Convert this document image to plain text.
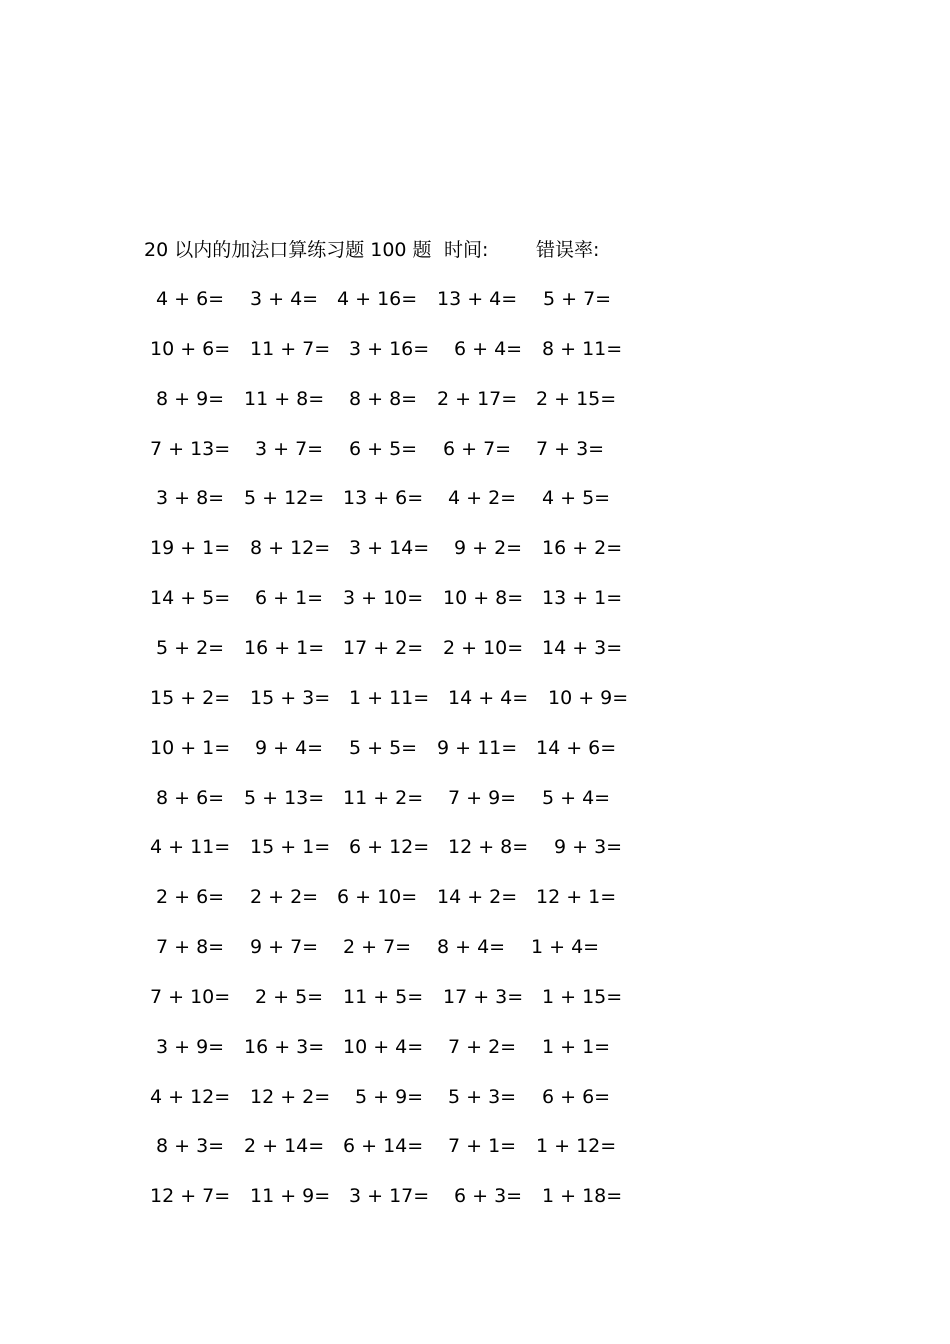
20 以内的加法口算练习题 100 题 时间:	错误率:
4 + 6= 3 + 4= 4 + 16= 13 + 4= 5 + 7=
10 + 6= 11 + 7= 3 + 16= 6 + 4= 8 + 11=
8 + 9= 11 + 8= 8 + 8= 2 + 17= 2 + 15=
7 + 13= 3 + 7= 6 + 5= 6 + 7= 7 + 3=
3 + 8= 5 + 12= 13 + 6= 4 + 2= 4 + 5=
19 + 1= 8 + 12= 3 + 14= 9 + 2= 16 + 2=
14 + 5= 6 + 1= 3 + 10= 10 + 8= 13 + 1=
5 + 2= 16 + 1= 17 + 2= 2 + 10= 14 + 3=
15 + 2= 15 + 3= 1 + 11= 14 + 4= 10 + 9=
10 + 1= 9 + 4= 5 + 5= 9 + 11= 14 + 6=
8 + 6= 5 + 13= 11 + 2= 7 + 9= 5 + 4=
4 + 11= 15 + 1= 6 + 12= 12 + 8= 9 + 3=
2 + 6= 2 + 2= 6 + 10= 14 + 2= 12 + 1=
7 + 8= 9 + 7= 2 + 7= 8 + 4= 1 + 4=
7 + 10= 2 + 5= 11 + 5= 17 + 3= 1 + 15=
3 + 9= 16 + 3= 10 + 4= 7 + 2= 1 + 1=
4 + 12= 12 + 2= 5 + 9= 5 + 3= 6 + 6=
8 + 3= 2 + 14= 6 + 14= 7 + 1= 1 + 12=
12 + 7= 11 + 9= 3 + 17= 6 + 3= 1 + 18=
